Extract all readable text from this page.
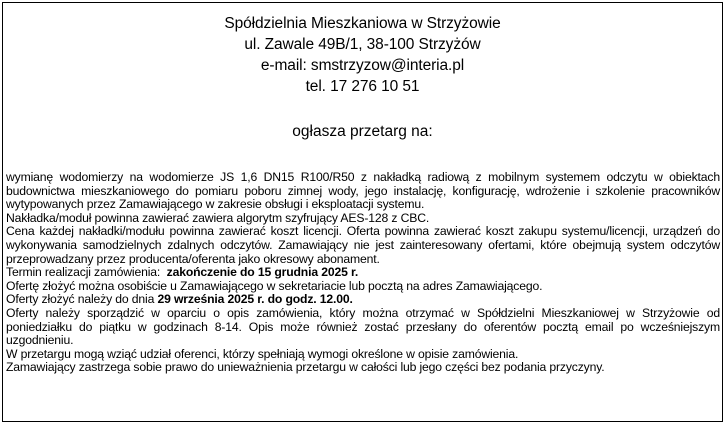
Spółdzielnia Mieszkaniowa w Strzyżowie
ul. Zawale 49B/1, 38-100 Strzyżów
e-mail: smstrzyzow@interia.pl
tel. 17 276 10 51
ogłasza przetarg na:

wymianę wodomierzy na wodomierze JS 1,6 DN15 R100/R50 z nakładką radiową z mobilnym systemem odczytu w obiektach budownictwa mieszkaniowego do pomiaru poboru zimnej wody, jego instalację, konfigurację, wdrożenie i szkolenie pracowników wytypowanych przez Zamawiającego w zakresie obsługi i eksploatacji systemu.

Nakładka/moduł powinna zawierać zawiera algorytm szyfrujący AES-128 z CBC.

Cena każdej nakładki/modułu powinna zawierać koszt licencji. Oferta powinna zawierać koszt zakupu systemu/licencji, urządzeń do wykonywania samodzielnych zdalnych odczytów. Zamawiający nie jest zainteresowany ofertami, które obejmują system odczytów przeprowadzany przez producenta/oferenta jako okresowy abonament.

Termin realizacji zamówienia: zakończenie do 15 grudnia 2025 r.

Ofertę złożyć można osobiście u Zamawiającego w sekretariacie lub pocztą na adres Zamawiającego.

Oferty złożyć należy do dnia 29 września 2025 r. do godz. 12.00.

Oferty należy sporządzić w oparciu o opis zamówienia, który można otrzymać w Spółdzielni Mieszkaniowej w Strzyżowie od poniedziałku do piątku w godzinach 8-14. Opis może również zostać przesłany do oferentów pocztą email po wcześniejszym uzgodnieniu.

W przetargu mogą wziąć udział oferenci, którzy spełniają wymogi określone w opisie zamówienia.

Zamawiający zastrzega sobie prawo do unieważnienia przetargu w całości lub jego części bez podania przyczyny.
